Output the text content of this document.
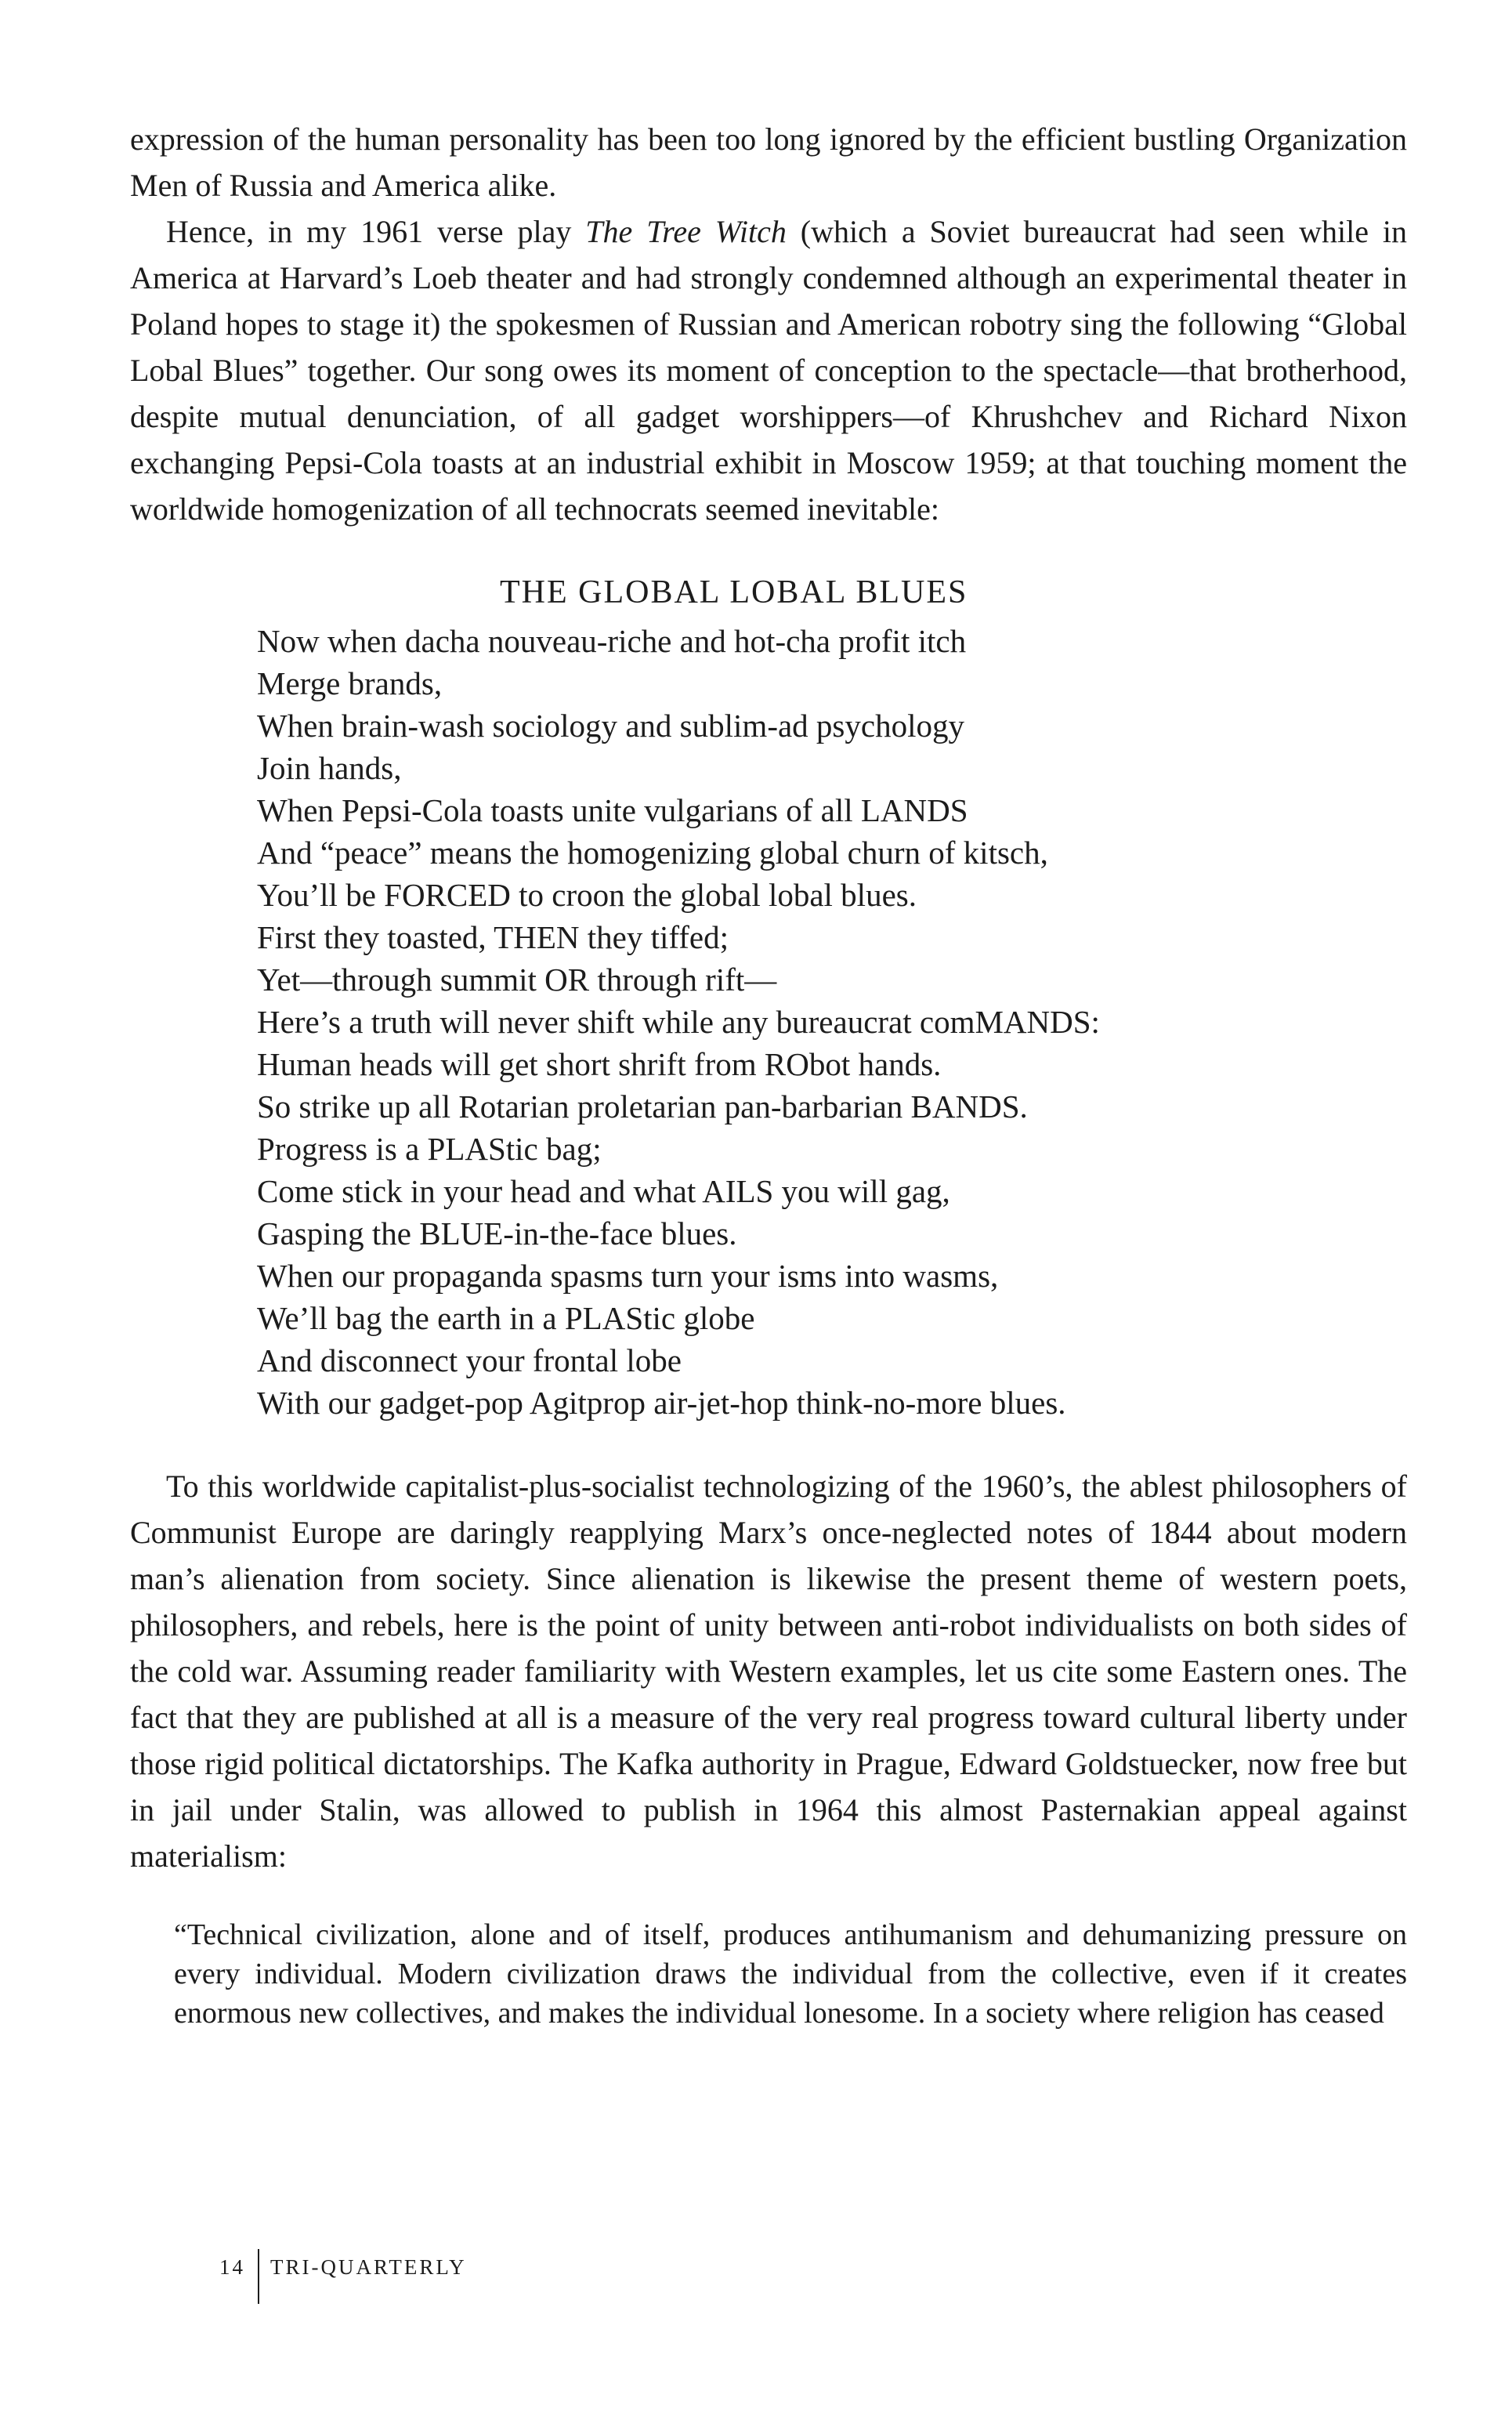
expression of the human personality has been too long ignored by the efficient bustling Organization Men of Russia and America alike.

Hence, in my 1961 verse play The Tree Witch (which a Soviet bureaucrat had seen while in America at Harvard’s Loeb theater and had strongly condemned although an experimental theater in Poland hopes to stage it) the spokesmen of Russian and American robotry sing the following “Global Lobal Blues” together. Our song owes its moment of conception to the spectacle—that brotherhood, despite mutual denunciation, of all gadget worshippers—of Khrushchev and Richard Nixon exchanging Pepsi-Cola toasts at an industrial exhibit in Moscow 1959; at that touching moment the worldwide homogenization of all technocrats seemed inevitable:

THE GLOBAL LOBAL BLUES

Now when dacha nouveau-riche and hot-cha profit itch

Merge brands,

When brain-wash sociology and sublim-ad psychology

Join hands,

When Pepsi-Cola toasts unite vulgarians of all LANDS

And “peace” means the homogenizing global churn of kitsch,

You’ll be FORCED to croon the global lobal blues.

First they toasted, THEN they tiffed;

Yet—through summit OR through rift—

Here’s a truth will never shift while any bureaucrat comMANDS:

Human heads will get short shrift from RObot hands.

So strike up all Rotarian proletarian pan-barbarian BANDS.

Progress is a PLAStic bag;

Come stick in your head and what AILS you will gag,

Gasping the BLUE-in-the-face blues.

When our propaganda spasms turn your isms into wasms,

We’ll bag the earth in a PLAStic globe

And disconnect your frontal lobe

With our gadget-pop Agitprop air-jet-hop think-no-more blues.

To this worldwide capitalist-plus-socialist technologizing of the 1960’s, the ablest philosophers of Communist Europe are daringly reapplying Marx’s once-neglected notes of 1844 about modern man’s alienation from society. Since alienation is likewise the present theme of western poets, philosophers, and rebels, here is the point of unity between anti-robot individualists on both sides of the cold war. Assuming reader familiarity with Western examples, let us cite some Eastern ones. The fact that they are published at all is a measure of the very real progress toward cultural liberty under those rigid political dictatorships. The Kafka authority in Prague, Edward Goldstuecker, now free but in jail under Stalin, was allowed to publish in 1964 this almost Pasternakian appeal against materialism:

“Technical civilization, alone and of itself, produces antihumanism and dehumanizing pressure on every individual. Modern civilization draws the individual from the collective, even if it creates enormous new collectives, and makes the individual lonesome. In a society where religion has ceased

14 TRI-QUARTERLY
